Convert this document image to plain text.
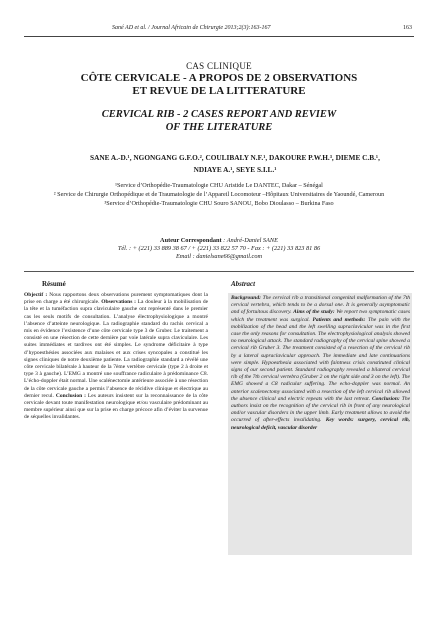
Sané AD et al. / Journal Africain de Chirurgie 2013;2(3):163-167	163
CAS CLINIQUE
CÔTE CERVICALE - A PROPOS DE 2 OBSERVATIONS
ET REVUE DE LA LITTERATURE
CERVICAL RIB - 2 CASES REPORT AND REVIEW
OF THE LITERATURE
SANE A.-D.¹, NGONGANG G.F.O.², COULIBALY N.F.¹, DAKOURE P.W.H.³, DIEME C.B.¹,
NDIAYE A.¹, SEYE S.I.L.¹
¹Service d’Orthopédie-Traumatologie CHU Aristide Le DANTEC, Dakar – Sénégal
² Service de Chirurgie Orthopédique et de Traumatologie de l’Appareil Locomoteur –Hôpitaux Universitaires de Yaoundé, Cameroun
³Service d’Orthopédie-Traumatologie CHU Souro SANOU, Bobo Dioulasso – Burkina Faso
Auteur Correspondant : André-Daniel SANE
Tél. : + (221) 33 889 38 67 / + (221) 33 822 57 70 - Fax : + (221) 33 823 81 86
Email : danielsane66@gmail.com
Résumé	Abstract
Objectif : Nous rapportons deux observations purement symptomatiques dont la prise en charge a été chirurgicale. Observations : La douleur à la mobilisation de la tête et la tuméfaction supra claviculaire gauche ont représenté dans le premier cas les seuls motifs de consultation. L’analyse électrophysiologique a montré l’absence d’atteinte neurologique. La radiographie standard du rachis cervical a mis en évidence l’existence d’une côte cervicale type 3 de Gruber. Le traitement a consisté en une résection de cette dernière par voie latérale supra claviculaire. Les suites immédiates et tardives ont été simples. Le syndrome déficitaire à type d’hypoesthésies associées aux malaises et aux crises syncopales a constitué les signes cliniques de notre deuxième patiente. La radiographie standard a révélé une côte cervicale bilatérale à hauteur de la 7ème vertèbre cervicale (type 2 à droite et type 3 à gauche). L’EMG a montré une souffrance radiculaire à prédominance C8. L’écho-doppler était normal. Une scalénectomie antérieure associée à une résection de la côte cervicale gauche a permis l’absence de récidive clinique et électrique au dernier recul. Conclusion : Les auteurs insistent sur la reconnaissance de la côte cervicale devant toute manifestation neurologique et/ou vasculaire prédominant au membre supérieur ainsi que sur la prise en charge précoce afin d’éviter la survenue de séquelles invalidantes.
Background: The cervical rib a transitional congenital malformation of the 7th cervical vertebra, which tends to be a dorsal one. It is generally asymptomatic and of fortuitous discovery. Aims of the study: We report two symptomatic cases which the treatment was surgical. Patients and methods: The pain with the mobilization of the head and the left swelling supraclavicular was in the first case the only reasons for consultation. The electrophysiological analysis showed no neurological attack. The standard radiography of the cervical spine showed a cervical rib Gruber 3. The treatment consisted of a resection of the cervical rib by a lateral supraclavicular approach. The immediate and late continuations were simple. Hypoesthesia associated with faintness crisis constituted clinical signs of our second patient. Standard radiography revealed a bilateral cervical rib of the 7th cervical vertebra (Gruber 2 on the right side and 3 on the left). The EMG showed a C8 radicular suffering. The echo-doppler was normal. An anterior scalenectomy associated with a resection of the left cervical rib allowed the absence clinical and electric repeats with the last retreat. Conclusion: The authors insist on the recognition of the cervical rib in front of any neurological and/or vascular disorders in the upper limb. Early treatment allows to avoid the occurred of after-effects invalidating. Key words: surgery, cervical rib, neurological deficit, vascular disorder
